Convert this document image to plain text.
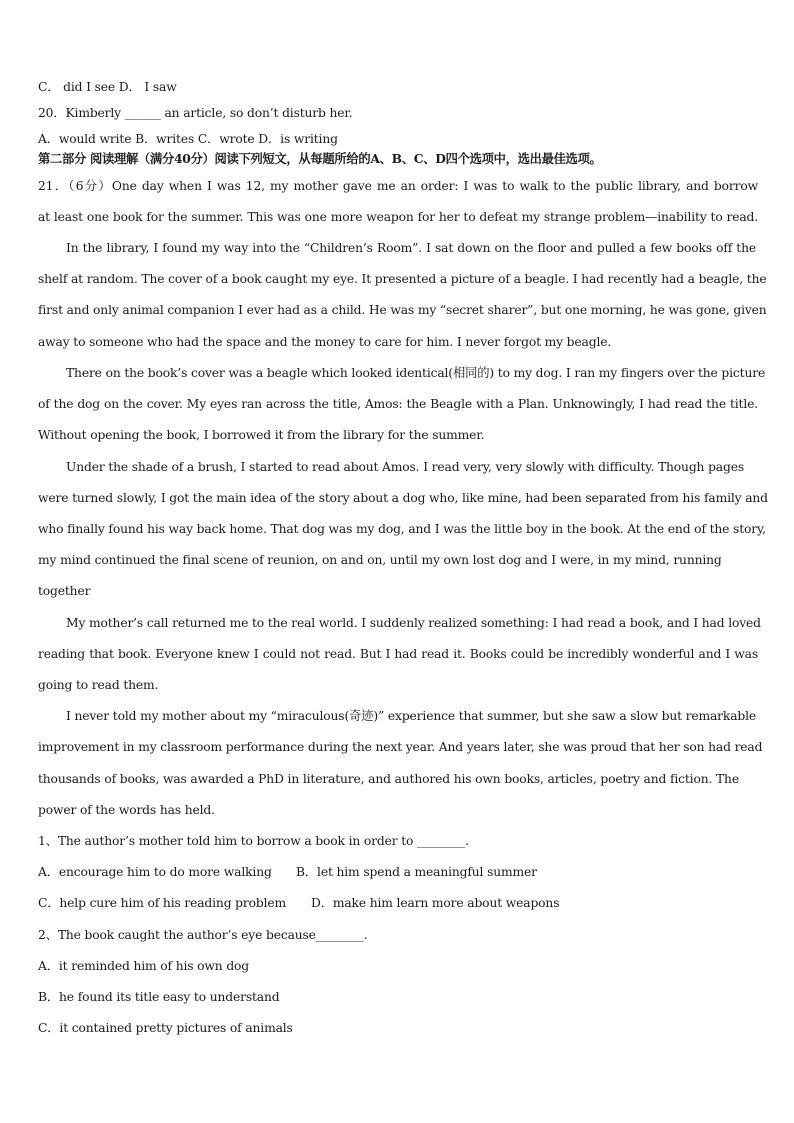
C． did I see D． I saw
20．Kimberly ______ an article, so don’t disturb her.
A．would write B．writes C．wrote D．is writing
第二部分 阅读理解（满分40分）阅读下列短文，从每题所给的A、B、C、D四个选项中，选出最佳选项。
21．（6分）One day when I was 12, my mother gave me an order: I was to walk to the public library, and borrow
at least one book for the summer. This was one more weapon for her to defeat my strange problem—inability to read.
In the library, I found my way into the “Children’s Room”. I sat down on the floor and pulled a few books off the
shelf at random. The cover of a book caught my eye. It presented a picture of a beagle. I had recently had a beagle, the
first and only animal companion I ever had as a child. He was my “secret sharer”, but one morning, he was gone, given
away to someone who had the space and the money to care for him. I never forgot my beagle.
There on the book’s cover was a beagle which looked identical(相同的) to my dog. I ran my fingers over the picture
of the dog on the cover. My eyes ran across the title, Amos: the Beagle with a Plan. Unknowingly, I had read the title.
Without opening the book, I borrowed it from the library for the summer.
Under the shade of a brush, I started to read about Amos. I read very, very slowly with difficulty. Though pages
were turned slowly, I got the main idea of the story about a dog who, like mine, had been separated from his family and
who finally found his way back home. That dog was my dog, and I was the little boy in the book. At the end of the story,
my mind continued the final scene of reunion, on and on, until my own lost dog and I were, in my mind, running
together
My mother’s call returned me to the real world. I suddenly realized something: I had read a book, and I had loved
reading that book. Everyone knew I could not read. But I had read it. Books could be incredibly wonderful and I was
going to read them.
I never told my mother about my “miraculous(奇迹)” experience that summer, but she saw a slow but remarkable
improvement in my classroom performance during the next year. And years later, she was proud that her son had read
thousands of books, was awarded a PhD in literature, and authored his own books, articles, poetry and fiction. The
power of the words has held.
1、The author’s mother told him to borrow a book in order to ________.
A．encourage him to do more walking B．let him spend a meaningful summer
C．help cure him of his reading problem D．make him learn more about weapons
2、The book caught the author’s eye because________.
A．it reminded him of his own dog
B．he found its title easy to understand
C．it contained pretty pictures of animals
